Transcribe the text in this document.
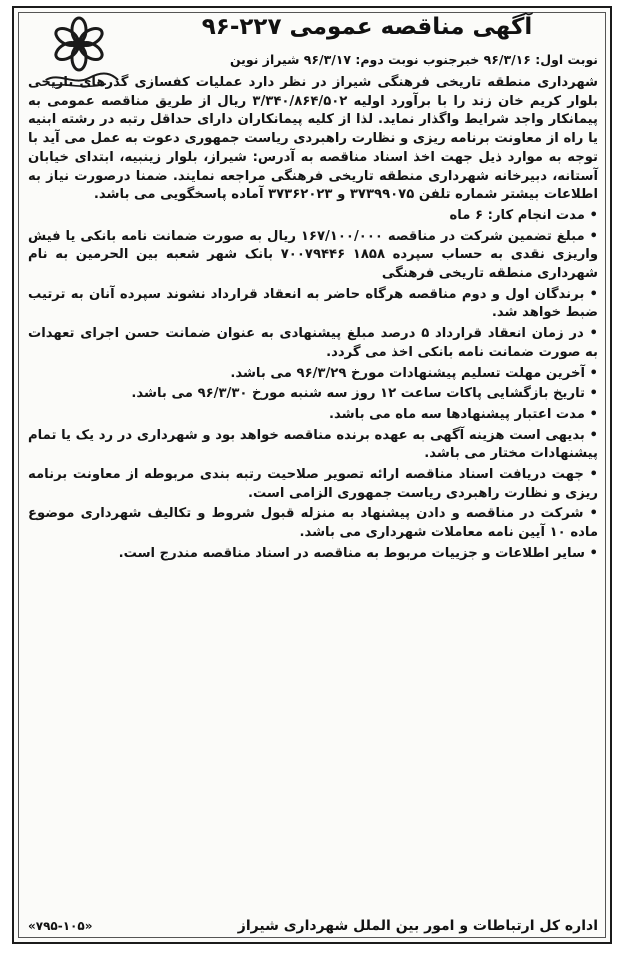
آگهی مناقصه عمومی ۲۲۷-۹۶
نوبت اول: ۹۶/۳/۱۶ خبرجنوب نوبت دوم: ۹۶/۳/۱۷ شیراز نوین

شهرداری منطقه تاریخی فرهنگی شیراز در نظر دارد عملیات کفسازی گذرهای تاریخی بلوار کریم خان زند را با برآورد اولیه ۳/۳۴۰/۸۶۴/۵۰۲ ریال از طریق مناقصه عمومی به پیمانکار واجد شرایط واگذار نماید. لذا از کلیه پیمانکاران دارای حداقل رتبه در رشته ابنیه یا راه از معاونت برنامه ریزی و نظارت راهبردی ریاست جمهوری دعوت به عمل می آید با توجه به موارد ذیل جهت اخذ اسناد مناقصه به آدرس: شیراز، بلوار زینبیه، ابتدای خیابان آستانه، دبیرخانه شهرداری منطقه تاریخی فرهنگی مراجعه نمایند. ضمنا درصورت نیاز به اطلاعات بیشتر شماره تلفن ۳۷۳۹۹۰۷۵ و ۳۷۳۶۲۰۲۳ آماده پاسخگویی می باشد.

• مدت انجام کار: ۶ ماه

• مبلغ تضمین شرکت در مناقصه ۱۶۷/۱۰۰/۰۰۰ ریال به صورت ضمانت نامه بانکی یا فیش واریزی نقدی به حساب سپرده ۱۸۵۸ ۷۰۰۷۹۴۴۶ بانک شهر شعبه بین الحرمین به نام شهرداری منطقه تاریخی فرهنگی

• برندگان اول و دوم مناقصه هرگاه حاضر به انعقاد قرارداد نشوند سپرده آنان به ترتیب ضبط خواهد شد.

• در زمان انعقاد قرارداد ۵ درصد مبلغ پیشنهادی به عنوان ضمانت حسن اجرای تعهدات به صورت ضمانت نامه بانکی اخذ می گردد.

• آخرین مهلت تسلیم پیشنهادات مورخ ۹۶/۳/۲۹ می باشد.

• تاریخ بازگشایی پاکات ساعت ۱۲ روز سه شنبه مورخ ۹۶/۳/۳۰ می باشد.

• مدت اعتبار پیشنهادها سه ماه می باشد.

• بدیهی است هزینه آگهی به عهده برنده مناقصه خواهد بود و شهرداری در رد یک یا تمام پیشنهادات مختار می باشد.

• جهت دریافت اسناد مناقصه ارائه تصویر صلاحیت رتبه بندی مربوطه از معاونت برنامه ریزی و نظارت راهبردی ریاست جمهوری الزامی است.

• شرکت در مناقصه و دادن پیشنهاد به منزله قبول شروط و تکالیف شهرداری موضوع ماده ۱۰ آیین نامه معاملات شهرداری می باشد.

• سایر اطلاعات و جزییات مربوط به مناقصه در اسناد مناقصه مندرج است.

اداره کل ارتباطات و امور بین الملل شهرداری شیراز
«۷۹۵-۱۰۵»
